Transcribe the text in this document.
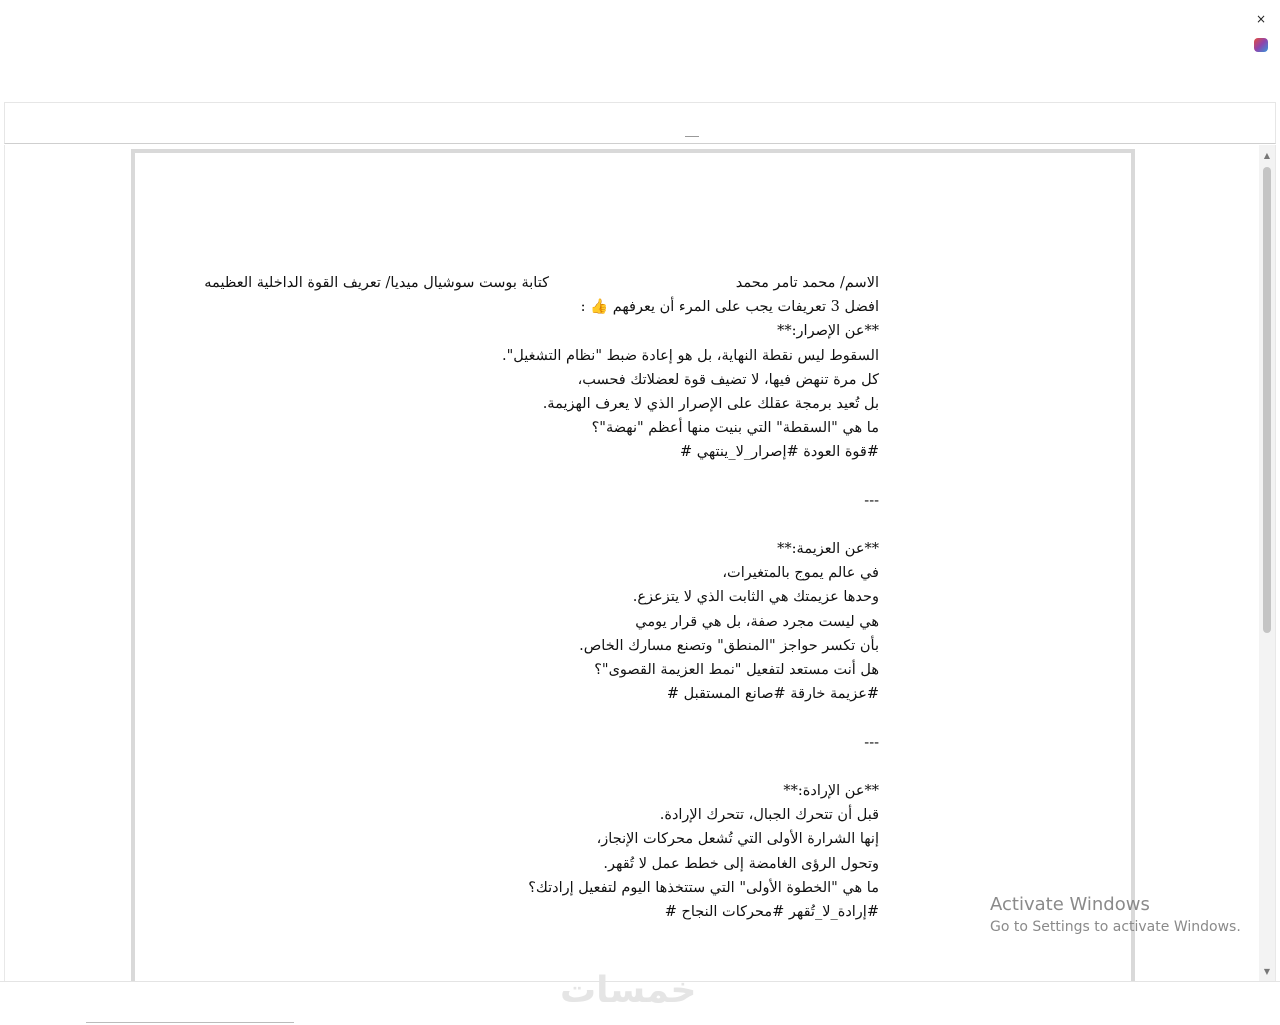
×
الاسم/ محمد تامر محمد
كتابة بوست سوشيال ميديا/ تعريف القوة الداخلية العظيمه
افضل 3 تعريفات يجب على المرء أن يعرفهم 👍 :
**عن الإصرار:**
السقوط ليس نقطة النهاية، بل هو إعادة ضبط "نظام التشغيل".
كل مرة تنهض فيها، لا تضيف قوة لعضلاتك فحسب،
بل تُعيد برمجة عقلك على الإصرار الذي لا يعرف الهزيمة.
ما هي "السقطة" التي بنيت منها أعظم "نهضة"؟
#قوة العودة #إصرار_لا_ينتهي #
---
**عن العزيمة:**
في عالم يموج بالمتغيرات،
وحدها عزيمتك هي الثابت الذي لا يتزعزع.
هي ليست مجرد صفة، بل هي قرار يومي
بأن تكسر حواجز "المنطق" وتصنع مسارك الخاص.
هل أنت مستعد لتفعيل "نمط العزيمة القصوى"؟
#عزيمة خارقة #صانع المستقبل #
---
**عن الإرادة:**
قبل أن تتحرك الجبال، تتحرك الإرادة.
إنها الشرارة الأولى التي تُشعل محركات الإنجاز،
وتحول الرؤى الغامضة إلى خطط عمل لا تُقهر.
ما هي "الخطوة الأولى" التي ستتخذها اليوم لتفعيل إرادتك؟
#إرادة_لا_تُقهر #محركات النجاح #
▲
▼
Activate Windows
Go to Settings to activate Windows.
خمسات
